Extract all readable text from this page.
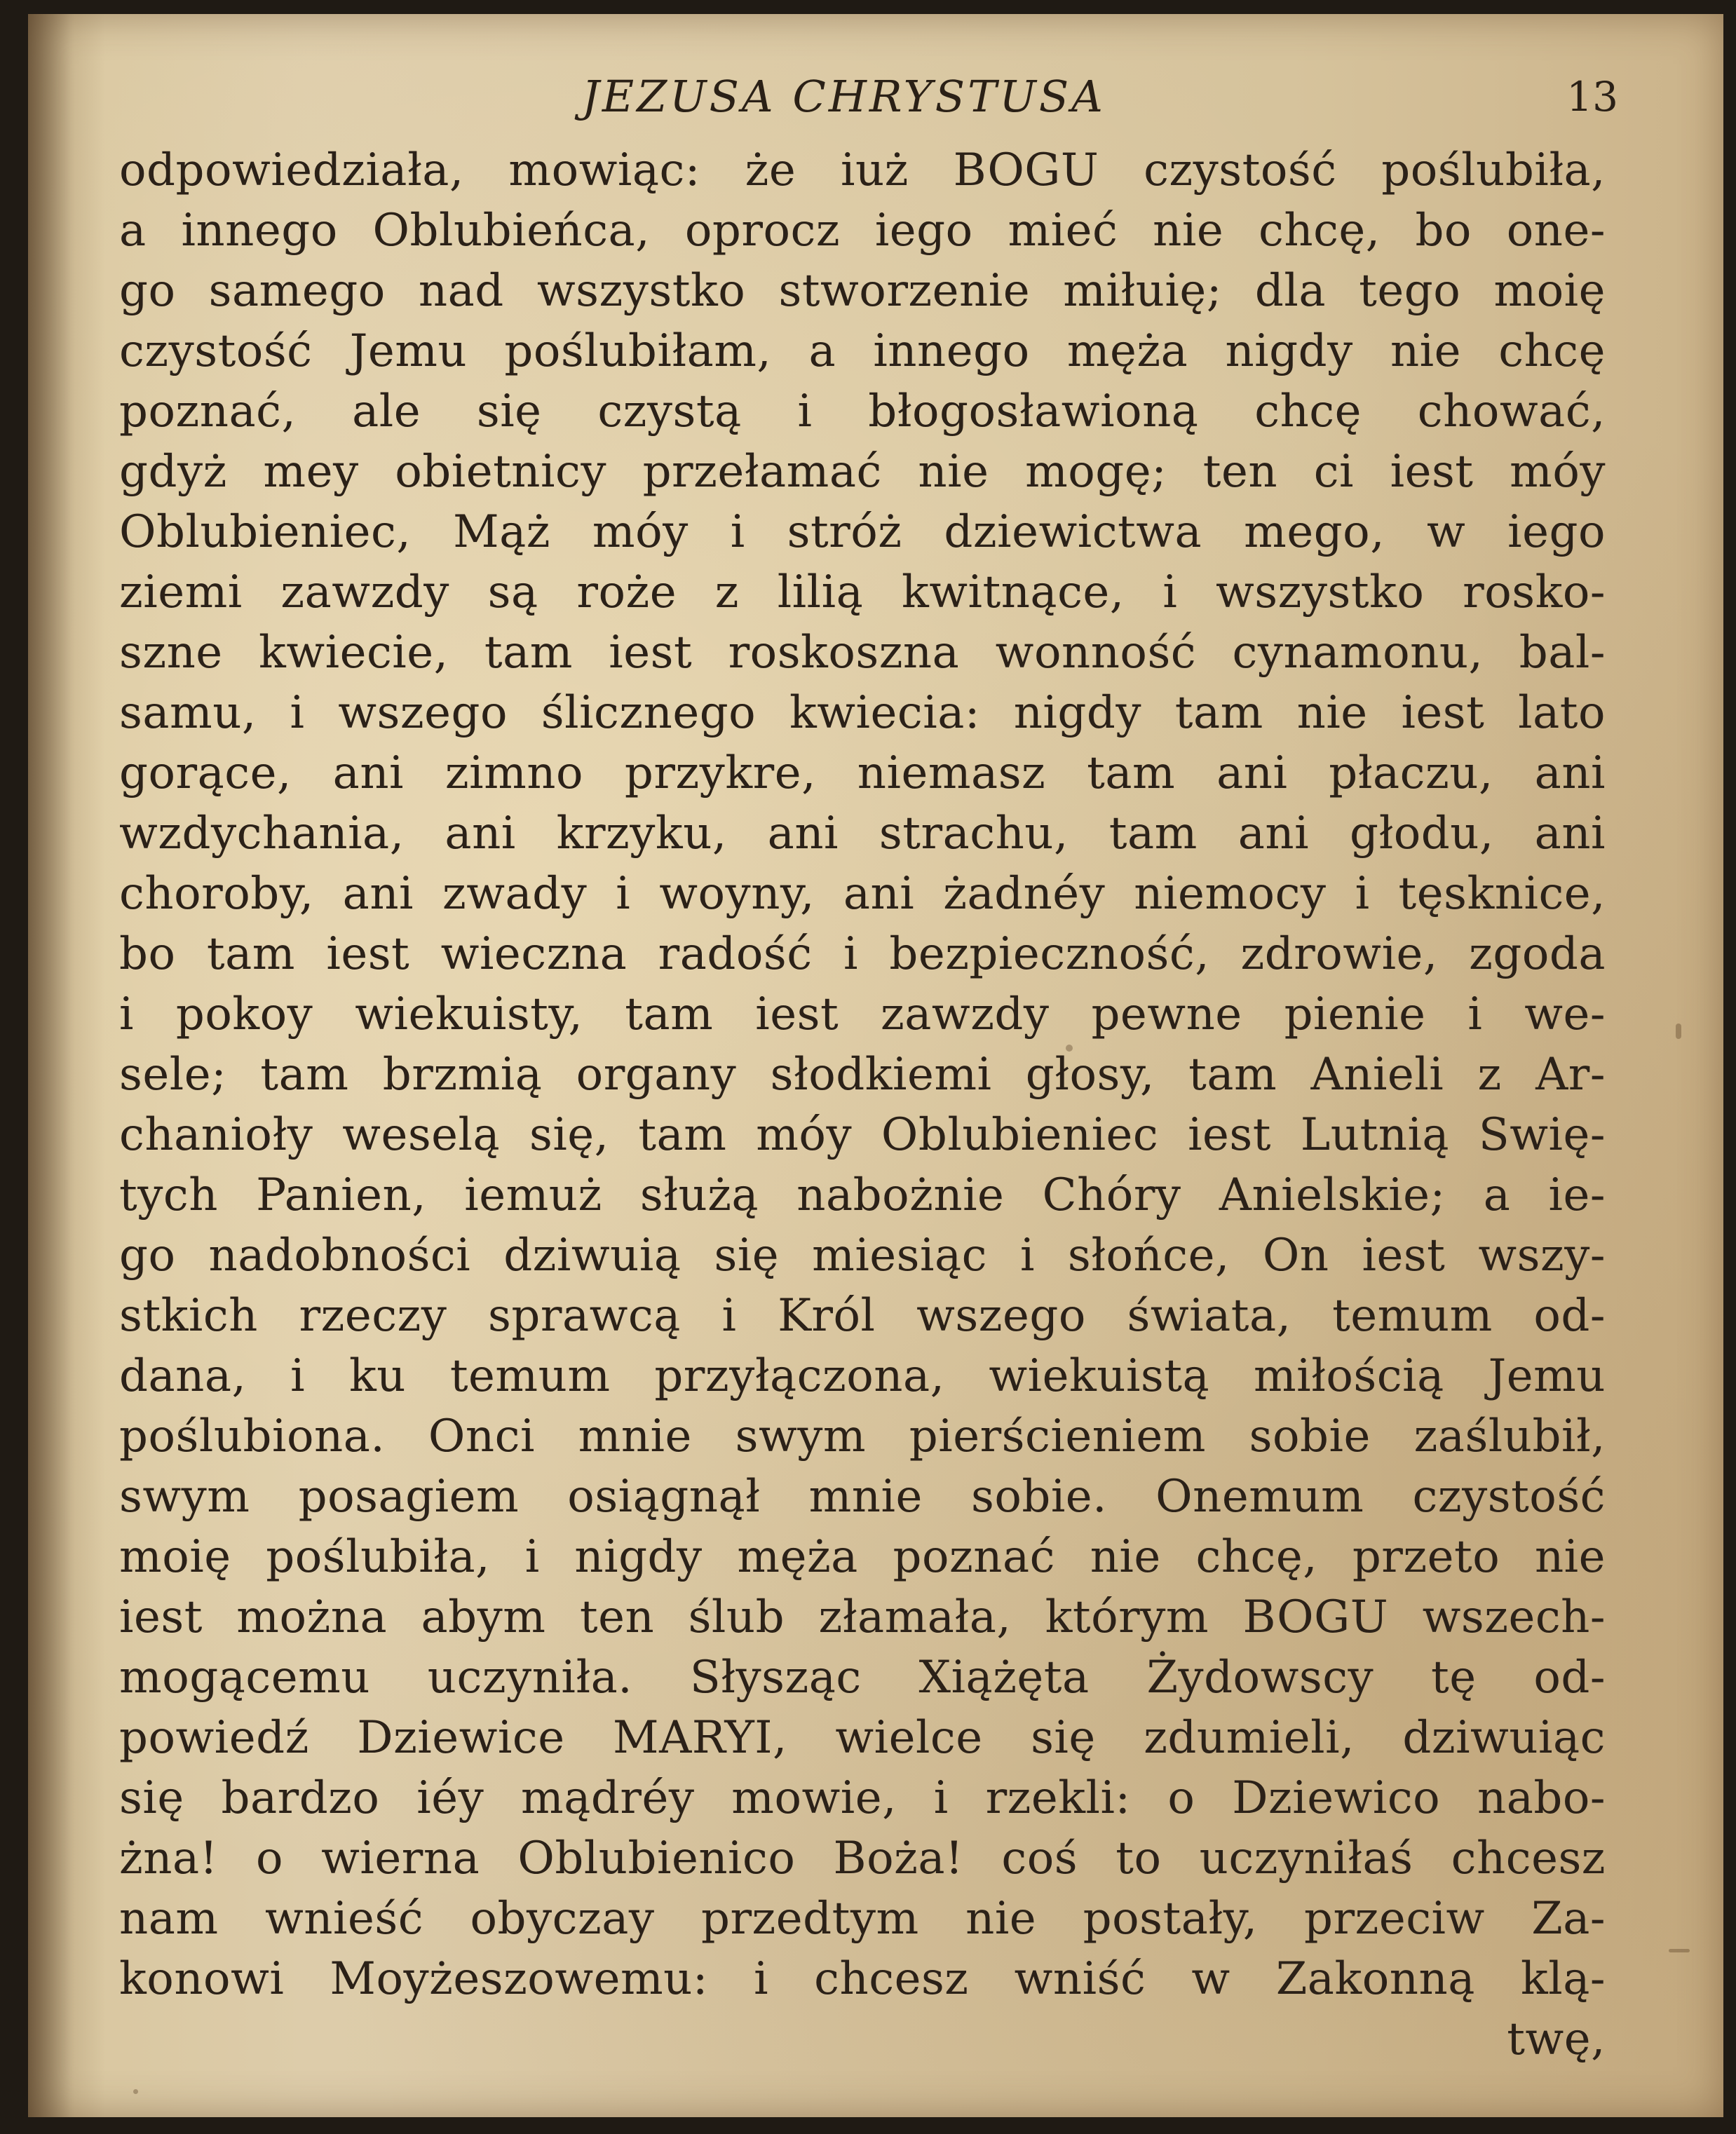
JEZUSA CHRYSTUSA	13
odpowiedziała, mowiąc: że iuż BOGU czystość poślubiła,
a innego Oblubieńca, oprocz iego mieć nie chcę, bo one-
go samego nad wszystko stworzenie miłuię; dla tego moię
czystość Jemu poślubiłam, a innego męża nigdy nie chcę
poznać, ale się czystą i błogosławioną chcę chować,
gdyż mey obietnicy przełamać nie mogę; ten ci iest móy
Oblubieniec, Mąż móy i stróż dziewictwa mego, w iego
ziemi zawzdy są roże z lilią kwitnące, i wszystko rosko-
szne kwiecie, tam iest roskoszna wonność cynamonu, bal-
samu, i wszego ślicznego kwiecia: nigdy tam nie iest lato
gorące, ani zimno przykre, niemasz tam ani płaczu, ani
wzdychania, ani krzyku, ani strachu, tam ani głodu, ani
choroby, ani zwady i woyny, ani żadnéy niemocy i tęsknice,
bo tam iest wieczna radość i bezpieczność, zdrowie, zgoda
i pokoy wiekuisty, tam iest zawzdy pewne pienie i we-
sele; tam brzmią organy słodkiemi głosy, tam Anieli z Ar-
chanioły weselą się, tam móy Oblubieniec iest Lutnią Swię-
tych Panien, iemuż służą nabożnie Chóry Anielskie; a ie-
go nadobności dziwuią się miesiąc i słońce, On iest wszy-
stkich rzeczy sprawcą i Król wszego świata, temum od-
dana, i ku temum przyłączona, wiekuistą miłością Jemu
poślubiona. Onci mnie swym pierścieniem sobie zaślubił,
swym posagiem osiągnął mnie sobie. Onemum czystość
moię poślubiła, i nigdy męża poznać nie chcę, przeto nie
iest można abym ten ślub złamała, którym BOGU wszech-
mogącemu uczyniła. Słysząc Xiążęta Żydowscy tę od-
powiedź Dziewice MARYI, wielce się zdumieli, dziwuiąc
się bardzo iéy mądréy mowie, i rzekli: o Dziewico nabo-
żna! o wierna Oblubienico Boża! coś to uczyniłaś chcesz
nam wnieść obyczay przedtym nie postały, przeciw Za-
konowi Moyżeszowemu: i chcesz wniść w Zakonną klą-
twę,
